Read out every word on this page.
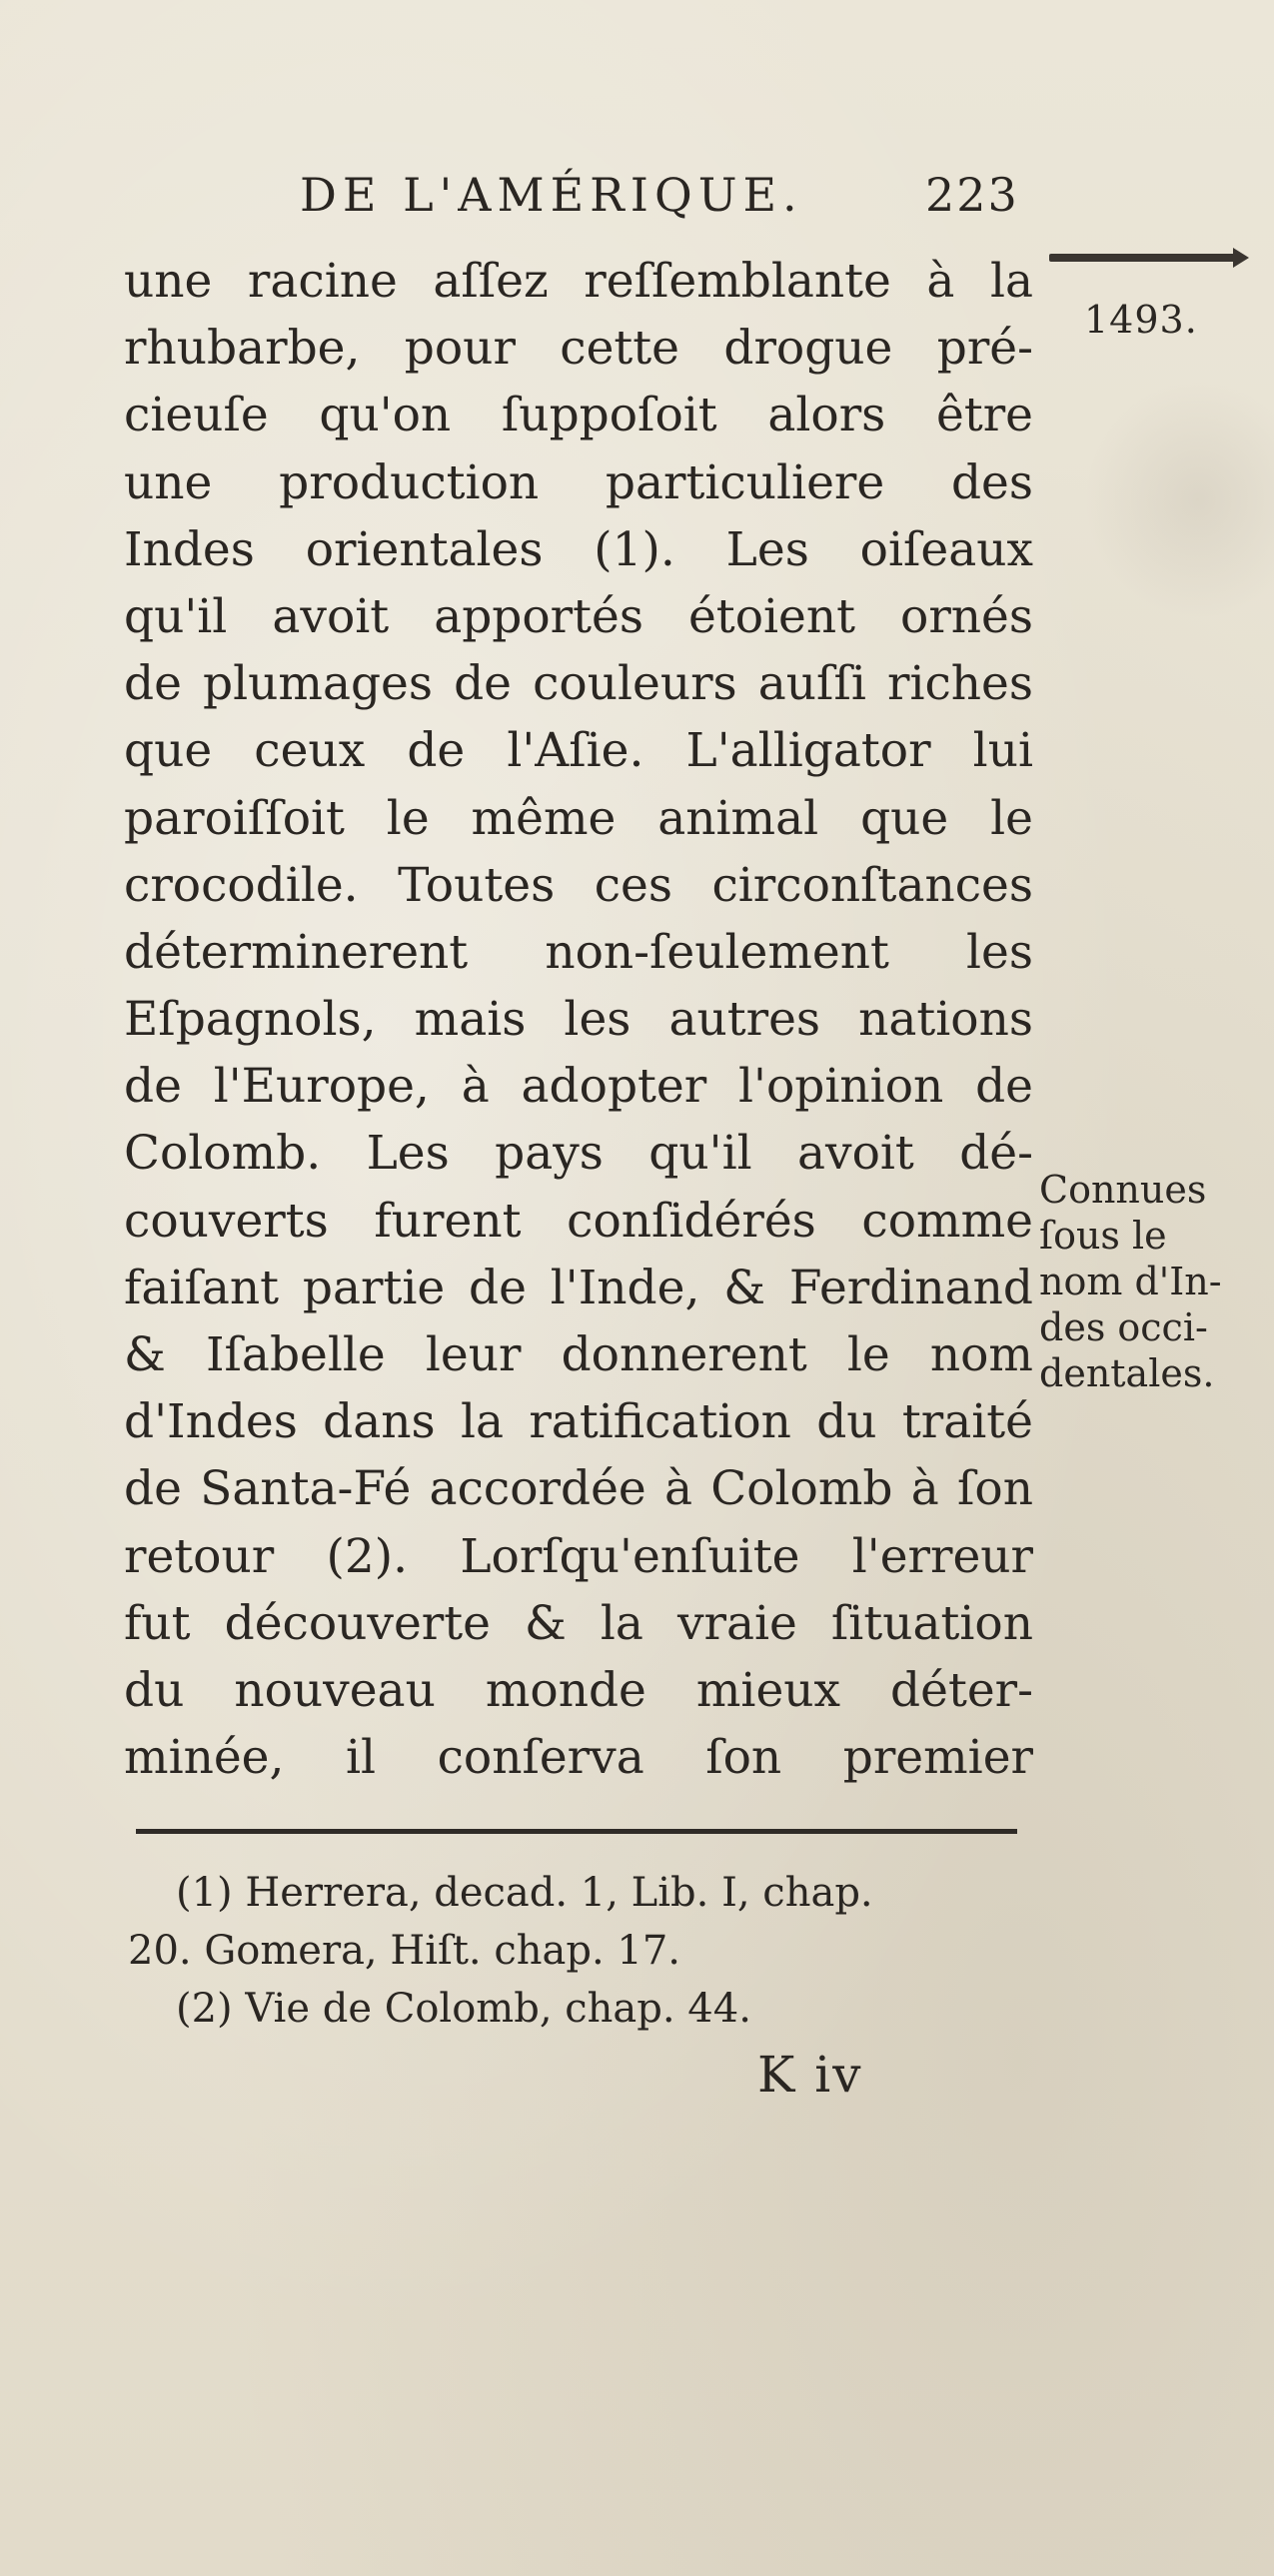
DE L'AMÉRIQUE.	223
1493.
une racine aſſez reſſemblante à la
rhubarbe, pour cette drogue pré-
cieuſe qu'on ſuppoſoit alors être
une production particuliere des
Indes orientales (1). Les oiſeaux
qu'il avoit apportés étoient ornés
de plumages de couleurs auſſi riches
que ceux de l'Aſie. L'alligator lui
paroiſſoit le même animal que le
crocodile. Toutes ces circonſtances
déterminerent non-ſeulement les
Eſpagnols, mais les autres nations
de l'Europe, à adopter l'opinion de
Colomb. Les pays qu'il avoit dé-
couverts furent conſidérés comme
faiſant partie de l'Inde, & Ferdinand
& Iſabelle leur donnerent le nom
d'Indes dans la ratification du traité
de Santa-Fé accordée à Colomb à ſon
retour (2). Lorſqu'enſuite l'erreur
fut découverte & la vraie ſituation
du nouveau monde mieux déter-
minée, il conſerva ſon premier
Connues
ſous le
nom d'In-
des occi-
dentales.
(1) Herrera, decad. 1, Lib. I, chap.
20. Gomera, Hiſt. chap. 17.
(2) Vie de Colomb, chap. 44.
K iv
